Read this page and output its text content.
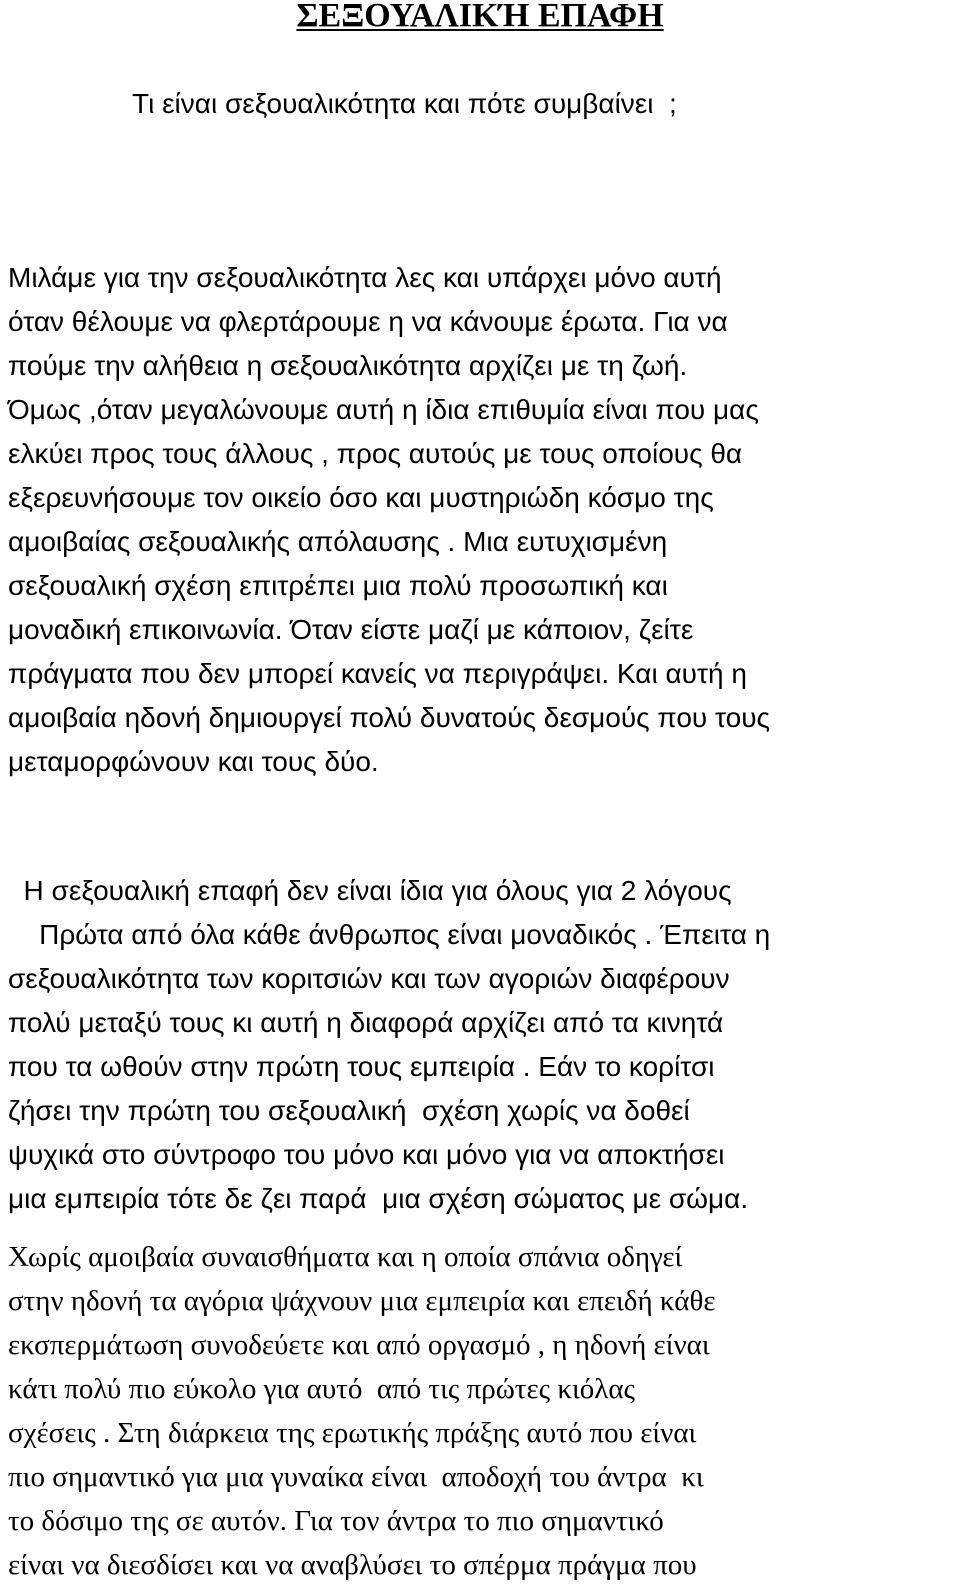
ΣΕΞΟΥΑΛΙΚΉ ΕΠΑΦΗ

Τι είναι σεξουαλικότητα και πότε συμβαίνει  ;

Μιλάμε για την σεξουαλικότητα λες και υπάρχει μόνο αυτή
όταν θέλουμε να φλερτάρουμε η να κάνουμε έρωτα. Για να
πούμε την αλήθεια η σεξουαλικότητα αρχίζει με τη ζωή.
Όμως ,όταν μεγαλώνουμε αυτή η ίδια επιθυμία είναι που μας
ελκύει προς τους άλλους , προς αυτούς με τους οποίους θα
εξερευνήσουμε τον οικείο όσο και μυστηριώδη κόσμο της
αμοιβαίας σεξουαλικής απόλαυσης . Μια ευτυχισμένη
σεξουαλική σχέση επιτρέπει μια πολύ προσωπική και
μοναδική επικοινωνία. Όταν είστε μαζί με κάποιον, ζείτε
πράγματα που δεν μπορεί κανείς να περιγράψει. Και αυτή η
αμοιβαία ηδονή δημιουργεί πολύ δυνατούς δεσμούς που τους
μεταμορφώνουν και τους δύο.
Η σεξουαλική επαφή δεν είναι ίδια για όλους για 2 λόγους
Πρώτα από όλα κάθε άνθρωπος είναι μοναδικός . Έπειτα η
σεξουαλικότητα των κοριτσιών και των αγοριών διαφέρουν
πολύ μεταξύ τους κι αυτή η διαφορά αρχίζει από τα κινητά
που τα ωθούν στην πρώτη τους εμπειρία . Εάν το κορίτσι
ζήσει την πρώτη του σεξουαλική  σχέση χωρίς να δοθεί
ψυχικά στο σύντροφο του μόνο και μόνο για να αποκτήσει
μια εμπειρία τότε δε ζει παρά  μια σχέση σώματος με σώμα.
Χωρίς αμοιβαία συναισθήματα και η οποία σπάνια οδηγεί
στην ηδονή τα αγόρια ψάχνουν μια εμπειρία και επειδή κάθε
εκσπερμάτωση συνοδεύετε και από οργασμό , η ηδονή είναι
κάτι πολύ πιο εύκολο για αυτό  από τις πρώτες κιόλας
σχέσεις . Στη διάρκεια της ερωτικής πράξης αυτό που είναι
πιο σημαντικό για μια γυναίκα είναι  αποδοχή του άντρα  κι
το δόσιμο της σε αυτόν. Για τον άντρα το πιο σημαντικό
είναι να διεσδίσει και να αναβλύσει το σπέρμα πράγμα που
